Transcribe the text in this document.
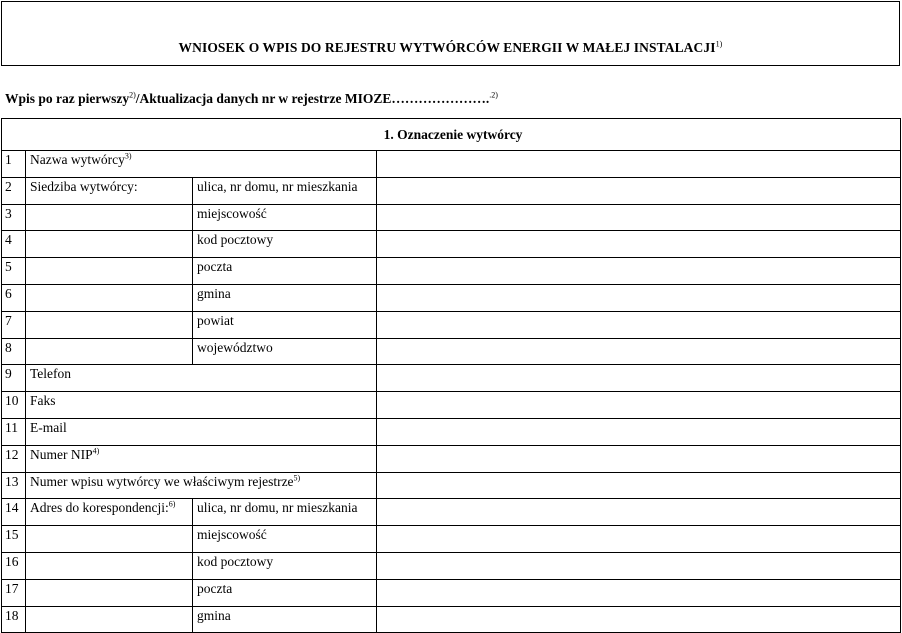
WNIOSEK O WPIS DO REJESTRU WYTWÓRCÓW ENERGII W MAŁEJ INSTALACJI$^{1)}$
Wpis po raz pierwszy$^{2)}$/Aktualizacja danych nr w rejestrze MIOZE………………….$^{.2)}$
1. Oznaczenie wytwórcy			
1	Nazwa wytwórcy$^{3)}$	
2	Siedziba wytwórcy:	ulica, nr domu, nr mieszkania	
3		miejscowość	
4		kod pocztowy	
5		poczta	
6		gmina	
7		powiat	
8		województwo	
9	Telefon		
10	Faks		
11	E-mail		
12	Numer NIP$^{4)}$	
13	Numer wpisu wytwórcy we właściwym rejestrze$^{5)}$	
14	Adres do korespondencji:$^{6)}$	ulica, nr domu, nr mieszkania	
15		miejscowość	
16		kod pocztowy	
17		poczta	
18		gmina	
